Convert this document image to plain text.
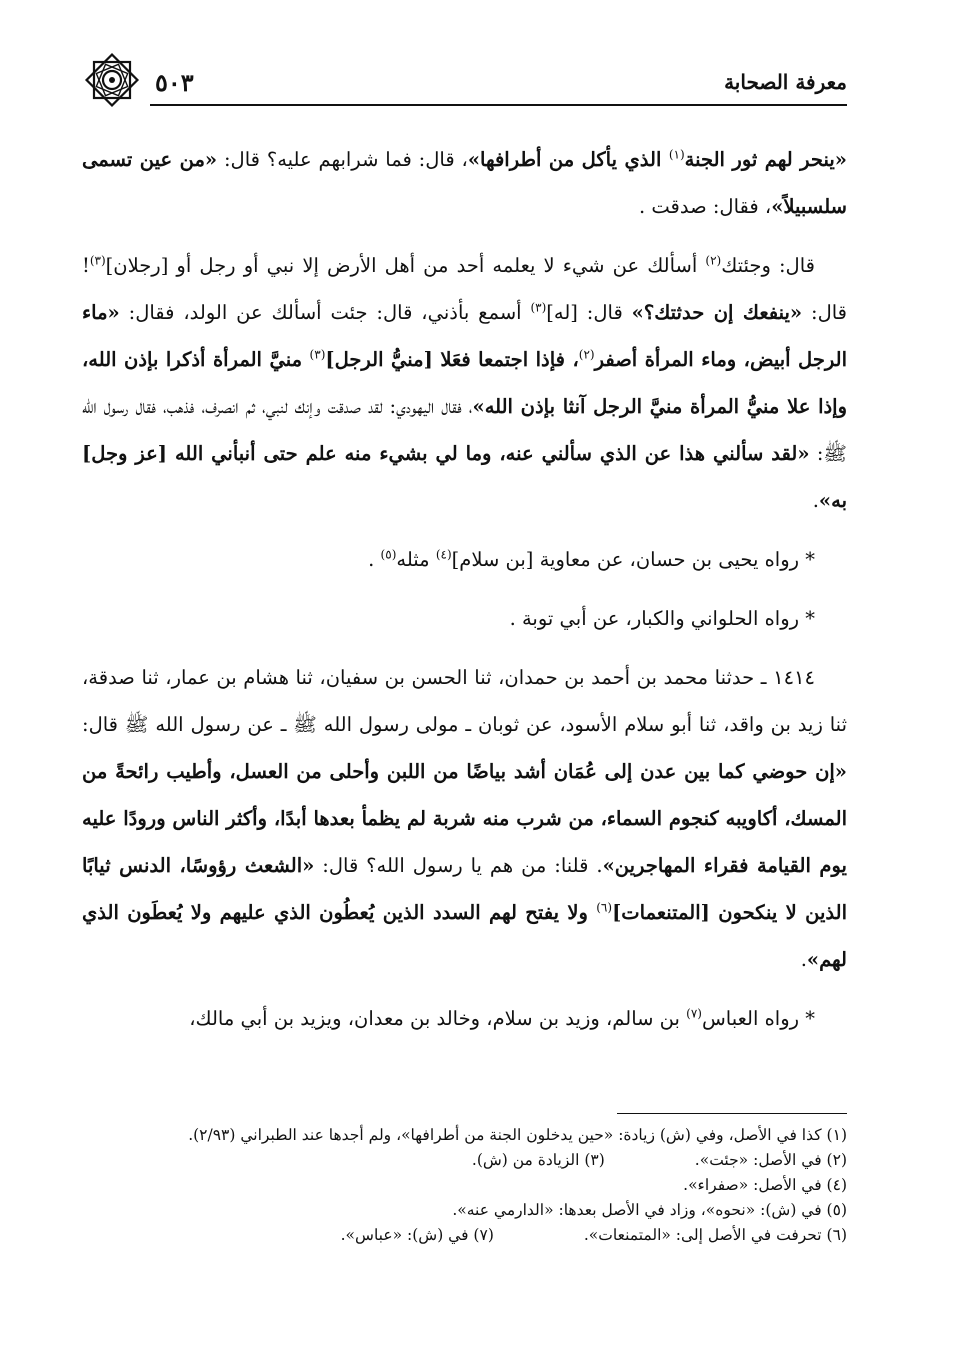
معرفة الصحابة
٥٠٣

«ينحر لهم ثور الجنة$^{(١)}$ الذي يأكل من أطرافها»، قال: فما شرابهم عليه؟ قال: «من عين تسمى سلسبيلاً»، فقال: صدقت .

قال: وجئتك$^{(٢)}$ أسألك عن شيء لا يعلمه أحد من أهل الأرض إلا نبي أو رجل أو [رجلان]$^{(٣)}$! قال: «ينفعك إن حدثتك؟» قال: [له]$^{(٣)}$ أسمع بأذني، قال: جئت أسألك عن الولد، فقال: «ماء الرجل أبيض، وماء المرأة أصفر$^{(٢)}$، فإذا اجتمعا فعَلا [منيُّ الرجل]$^{(٣)}$ منيَّ المرأة أذكرا بإذن الله، وإذا علا منيُّ المرأة منيَّ الرجل آنثا بإذن الله»، فقال اليهودي: لقد صدقت وإنك لنبي، ثم انصرف، فذهب، فقال رسول الله ﷺ: «لقد سألني هذا عن الذي سألني عنه، وما لي بشيء منه علم حتى أنبأني الله [عز وجل] به».

* رواه يحيى بن حسان، عن معاوية [بن سلام]$^{(٤)}$ مثله$^{(٥)}$ .

* رواه الحلواني والكبار، عن أبي توبة .

١٤١٤ ـ حدثنا محمد بن أحمد بن حمدان، ثنا الحسن بن سفيان، ثنا هشام بن عمار، ثنا صدقة، ثنا زيد بن واقد، ثنا أبو سلام الأسود، عن ثوبان ـ مولى رسول الله ﷺ ـ عن رسول الله ﷺ قال: «إن حوضي كما بين عدن إلى عُمَان أشد بياضًا من اللبن وأحلى من العسل، وأطيب رائحةً من المسك، أكاويبه كنجوم السماء، من شرب منه شربة لم يظمأ بعدها أبدًا، وأكثر الناس ورودًا عليه يوم القيامة فقراء المهاجرين». قلنا: من هم يا رسول الله؟ قال: «الشعث رؤوسًا، الدنس ثيابًا الذين لا ينكحون [المتنعمات]$^{(٦)}$ ولا يفتح لهم السدد الذين يُعطُون الذي عليهم ولا يُعطَون الذي لهم».

* رواه العباس$^{(٧)}$ بن سالم، وزيد بن سلام، وخالد بن معدان، ويزيد بن أبي مالك،

(١) كذا في الأصل، وفي (ش) زيادة: «حين يدخلون الجنة من أطرافها»، ولم أجدها عند الطبراني (٢/٩٣).

(٢) في الأصل: «جئت».
(٣) الزيادة من (ش).

(٤) في الأصل: «صفراء».

(٥) في (ش): «نحوه»، وزاد في الأصل بعدها: «الدارمي عنه».

(٦) تحرفت في الأصل إلى: «المتمنعات».
(٧) في (ش): «عباس».
